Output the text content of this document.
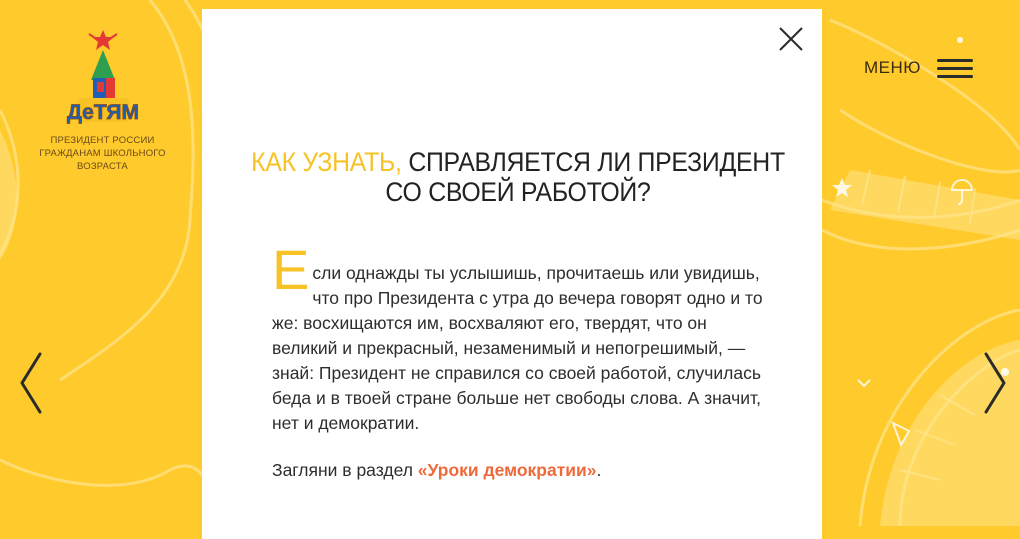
ДеТЯМ
ПРЕЗИДЕНТ РОССИИ
ГРАЖДАНАМ ШКОЛЬНОГО
ВОЗРАСТА
МЕНЮ
КАК УЗНАТЬ, СПРАВЛЯЕТСЯ ЛИ ПРЕЗИДЕНТ
СО СВОЕЙ РАБОТОЙ?
Е сли однажды ты услышишь, прочитаешь или увидишь, что про Президента с утра до вечера говорят одно и то же: восхищаются им, восхваляют его, твердят, что он великий и прекрасный, незаменимый и непогрешимый, — знай: Президент не справился со своей работой, случилась беда и в твоей стране больше нет свободы слова. А значит, нет и демократии.

Загляни в раздел «Уроки демократии».
